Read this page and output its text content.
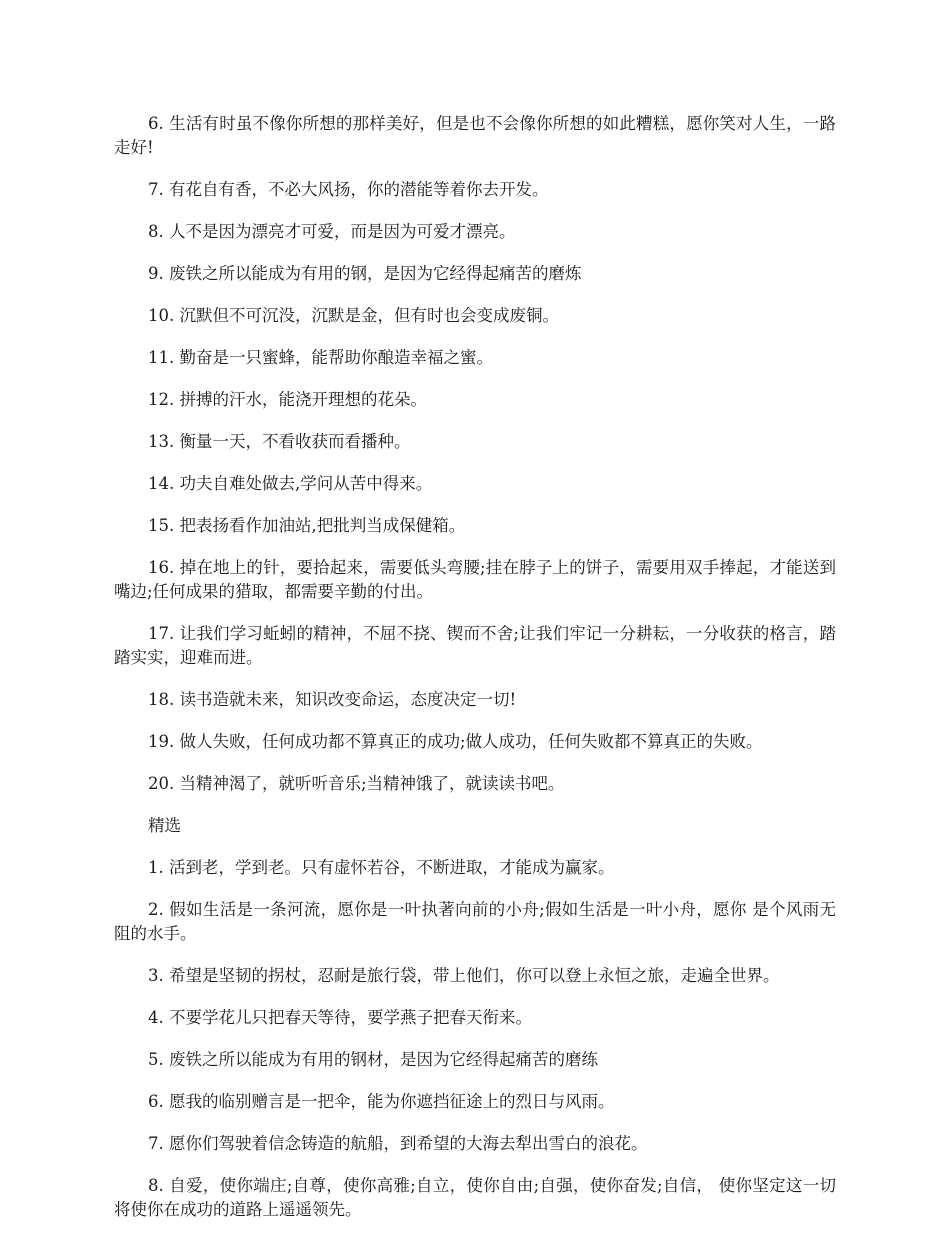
6. 生活有时虽不像你所想的那样美好，但是也不会像你所想的如此糟糕，愿你笑对人生，一路走好!

7. 有花自有香，不必大风扬，你的潜能等着你去开发。

8. 人不是因为漂亮才可爱，而是因为可爱才漂亮。

9. 废铁之所以能成为有用的钢，是因为它经得起痛苦的磨炼

10. 沉默但不可沉没，沉默是金，但有时也会变成废铜。

11. 勤奋是一只蜜蜂，能帮助你酿造幸福之蜜。

12. 拼搏的汗水，能浇开理想的花朵。

13. 衡量一天，不看收获而看播种。

14. 功夫自难处做去,学问从苦中得来。

15. 把表扬看作加油站,把批判当成保健箱。

16. 掉在地上的针，要拾起来，需要低头弯腰;挂在脖子上的饼子，需要用双手捧起，才能送到嘴边;任何成果的猎取，都需要辛勤的付出。

17. 让我们学习蚯蚓的精神，不屈不挠、锲而不舍;让我们牢记一分耕耘，一分收获的格言，踏踏实实，迎难而进。

18. 读书造就未来，知识改变命运，态度决定一切!

19. 做人失败，任何成功都不算真正的成功;做人成功，任何失败都不算真正的失败。

20. 当精神渴了，就听听音乐;当精神饿了，就读读书吧。

精选

1. 活到老，学到老。只有虚怀若谷，不断进取，才能成为赢家。

2. 假如生活是一条河流，愿你是一叶执著向前的小舟;假如生活是一叶小舟，愿你 是个风雨无阻的水手。

3. 希望是坚韧的拐杖，忍耐是旅行袋，带上他们，你可以登上永恒之旅，走遍全世界。

4. 不要学花儿只把春天等待，要学燕子把春天衔来。

5. 废铁之所以能成为有用的钢材，是因为它经得起痛苦的磨练

6. 愿我的临别赠言是一把伞，能为你遮挡征途上的烈日与风雨。

7. 愿你们驾驶着信念铸造的航船，到希望的大海去犁出雪白的浪花。

8. 自爱，使你端庄;自尊，使你高雅;自立，使你自由;自强，使你奋发;自信， 使你坚定这一切将使你在成功的道路上遥遥领先。
